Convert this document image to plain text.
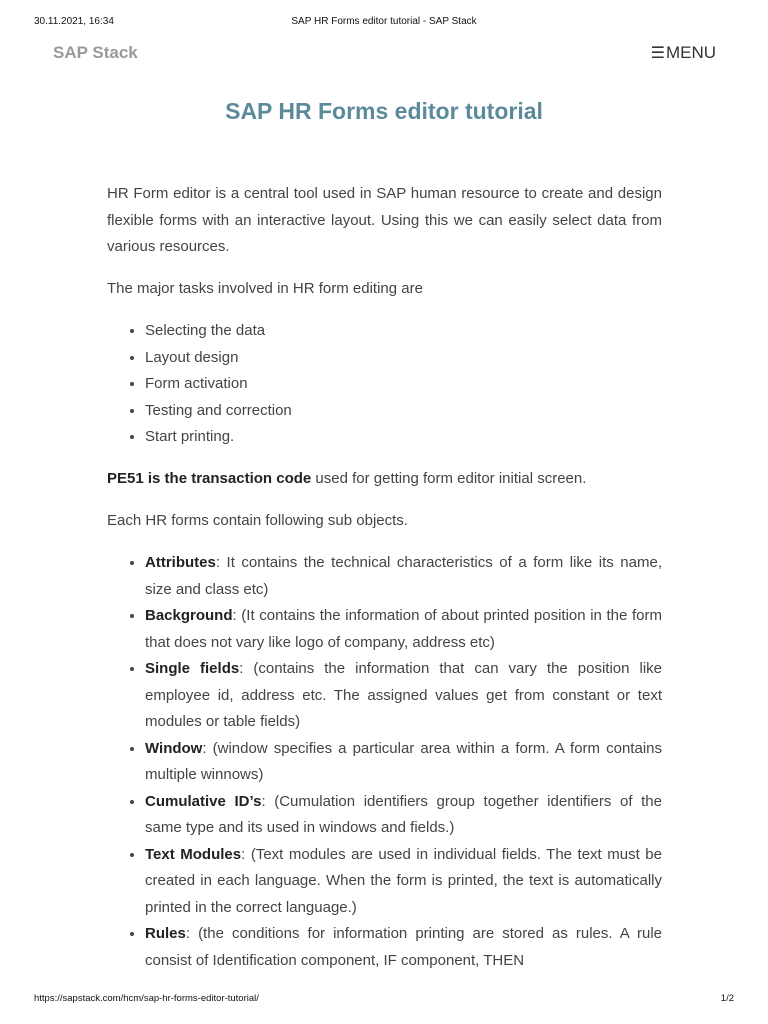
30.11.2021, 16:34	SAP HR Forms editor tutorial - SAP Stack
SAP Stack	☰MENU
SAP HR Forms editor tutorial

HR Form editor is a central tool used in SAP human resource to create and design flexible forms with an interactive layout. Using this we can easily select data from various resources.

The major tasks involved in HR form editing are

• Selecting the data
• Layout design
• Form activation
• Testing and correction
• Start printing.

PE51 is the transaction code used for getting form editor initial screen.

Each HR forms contain following sub objects.

• Attributes: It contains the technical characteristics of a form like its name, size and class etc)
• Background: (It contains the information of about printed position in the form that does not vary like logo of company, address etc)
• Single fields: (contains the information that can vary the position like employee id, address etc. The assigned values get from constant or text modules or table fields)
• Window: (window specifies a particular area within a form. A form contains multiple winnows)
• Cumulative ID’s: (Cumulation identifiers group together identifiers of the same type and its used in windows and fields.)
• Text Modules: (Text modules are used in individual fields. The text must be created in each language. When the form is printed, the text is automatically printed in the correct language.)
• Rules: (the conditions for information printing are stored as rules. A rule consist of Identification component, IF component, THEN
https://sapstack.com/hcm/sap-hr-forms-editor-tutorial/	1/2
